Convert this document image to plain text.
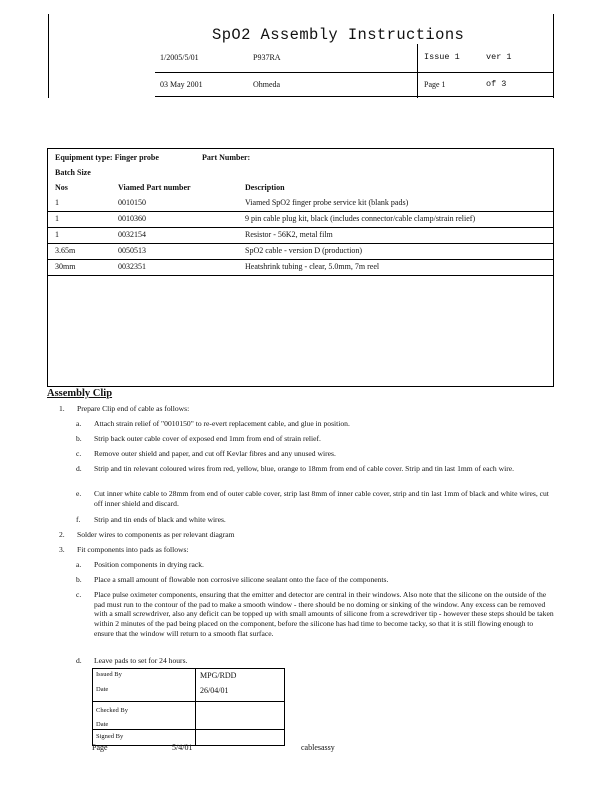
SpO2 Assembly Instructions
1/2005/5/01	P937RA	Issue 1	ver 1
03 May 2001	Ohmeda	Page 1	of 3
Equipment type: Finger probe	Part Number:
Batch Size
Nos	Viamed Part number	Description
1	0010150	Viamed SpO2 finger probe service kit (blank pads)
1	0010360	9 pin cable plug kit, black (includes connector/cable clamp/strain relief)
1	0032154	Resistor - 56K2, metal film
3.65m	0050513	SpO2 cable - version D (production)
30mm	0032351	Heatshrink tubing - clear, 5.0mm, 7m reel
Assembly Clip
1. Prepare Clip end of cable as follows:
a. Attach strain relief of "0010150" to re-evert replacement cable, and glue in position.
b. Strip back outer cable cover of exposed end 1mm from end of strain relief.
c. Remove outer shield and paper, and cut off Kevlar fibres and any unused wires.
d. Strip and tin relevant coloured wires from red, yellow, blue, orange to 18mm from end of cable cover. Strip and tin last 1mm of each wire.
e. Cut inner white cable to 28mm from end of outer cable cover, strip last 8mm of inner cable cover, strip and tin last 1mm of black and white wires, cut off inner shield and discard.
f. Strip and tin ends of black and white wires.
2. Solder wires to components as per relevant diagram
3. Fit components into pads as follows:
a. Position components in drying rack.
b. Place a small amount of flowable non corrosive silicone sealant onto the face of the components.
c. Place pulse oximeter components, ensuring that the emitter and detector are central in their windows. Also note that the silicone on the outside of the pad must run to the contour of the pad to make a smooth window - there should be no doming or sinking of the window. Any excess can be removed with a small screwdriver, also any deficit can be topped up with small amounts of silicone from a screwdriver tip - however these steps should be taken within 2 minutes of the pad being placed on the component, before the silicone has had time to become tacky, so that it is still flowing enough to ensure that the window will return to a smooth flat surface.
d. Leave pads to set for 24 hours.
Issued By	MPG/RDD
Date	26/04/01
Checked By
Date
Signed By
Page	5/4/01	cablesassy
